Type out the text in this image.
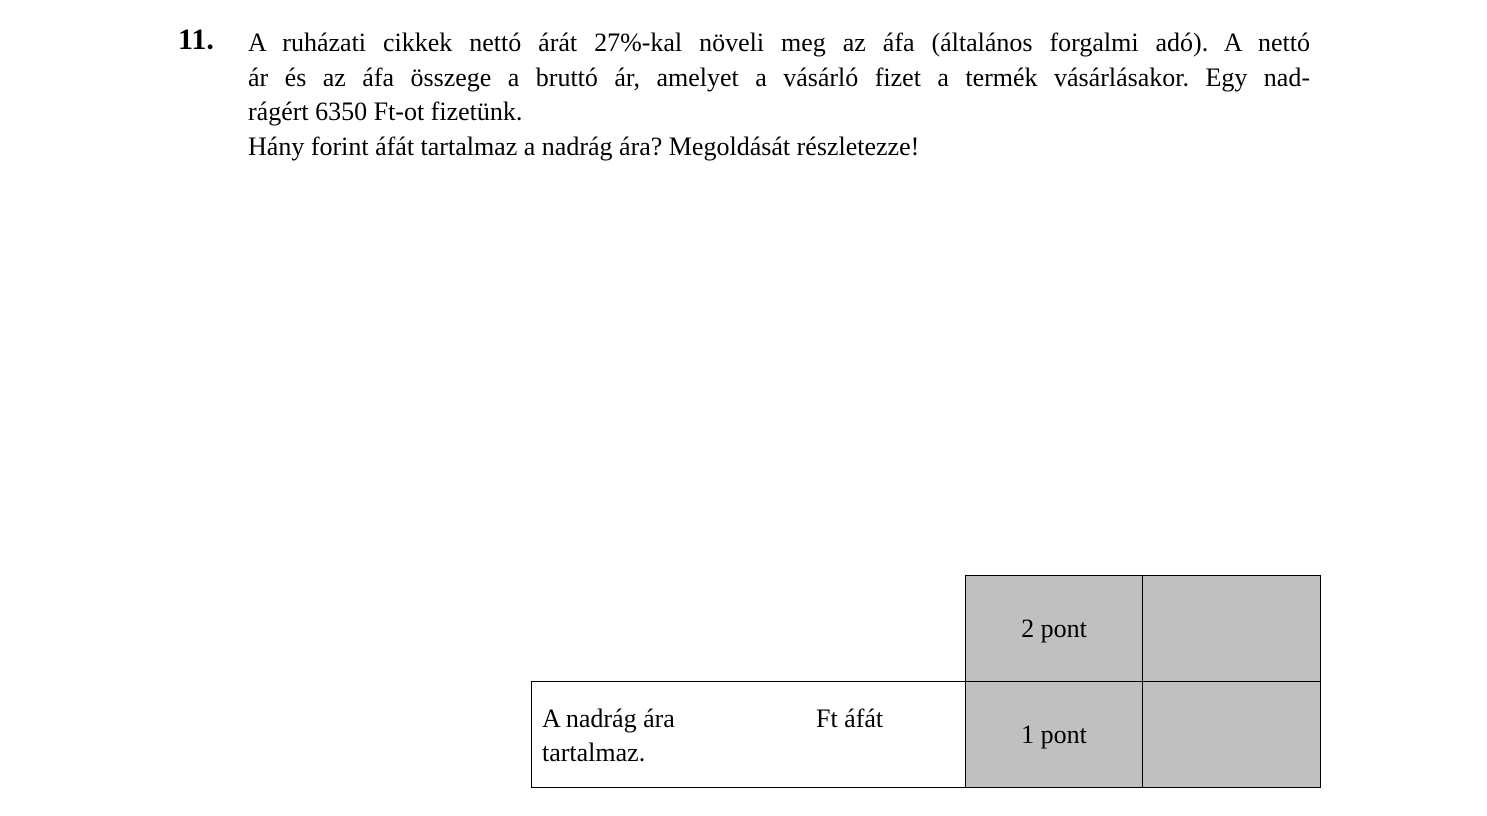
11. A ruházati cikkek nettó árát 27%-kal növeli meg az áfa (általános forgalmi adó). A nettó
ár és az áfa összege a bruttó ár, amelyet a vásárló fizet a termék vásárlásakor. Egy nad-
rágért 6350 Ft-ot fizetünk.
Hány forint áfát tartalmaz a nadrág ára? Megoldását részletezze!
2 pont
A nadrág ára	Ft áfát
tartalmaz.
1 pont
